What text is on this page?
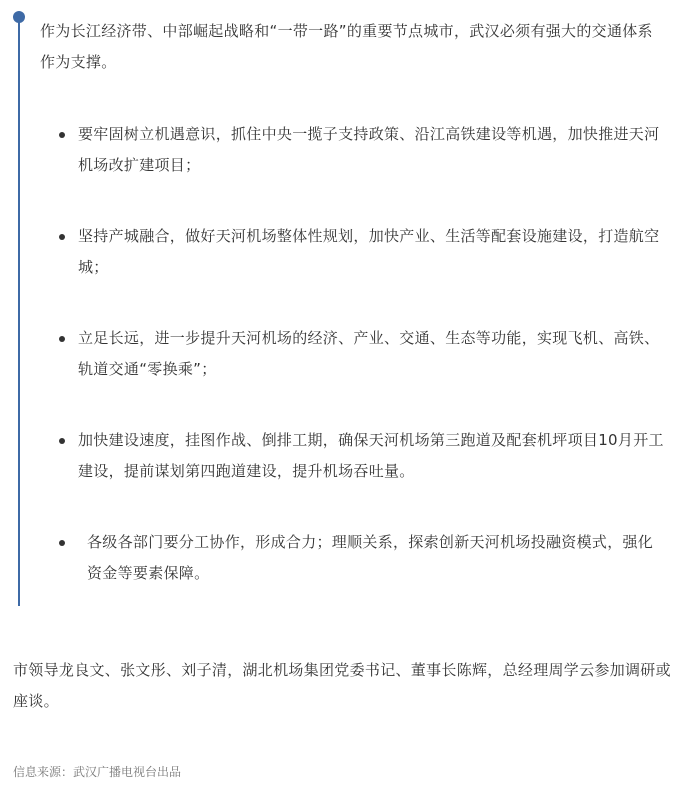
作为长江经济带、中部崛起战略和“一带一路”的重要节点城市，武汉必须有强大的交通体系作为支撑。

要牢固树立机遇意识，抓住中央一揽子支持政策、沿江高铁建设等机遇，加快推进天河机场改扩建项目；
坚持产城融合，做好天河机场整体性规划，加快产业、生活等配套设施建设，打造航空城；
立足长远，进一步提升天河机场的经济、产业、交通、生态等功能，实现飞机、高铁、轨道交通“零换乘”；
加快建设速度，挂图作战、倒排工期，确保天河机场第三跑道及配套机坪项目10月开工建设，提前谋划第四跑道建设，提升机场吞吐量。
各级各部门要分工协作，形成合力；理顺关系，探索创新天河机场投融资模式，强化资金等要素保障。

市领导龙良文、张文彤、刘子清，湖北机场集团党委书记、董事长陈辉，总经理周学云参加调研或座谈。

信息来源：武汉广播电视台出品
